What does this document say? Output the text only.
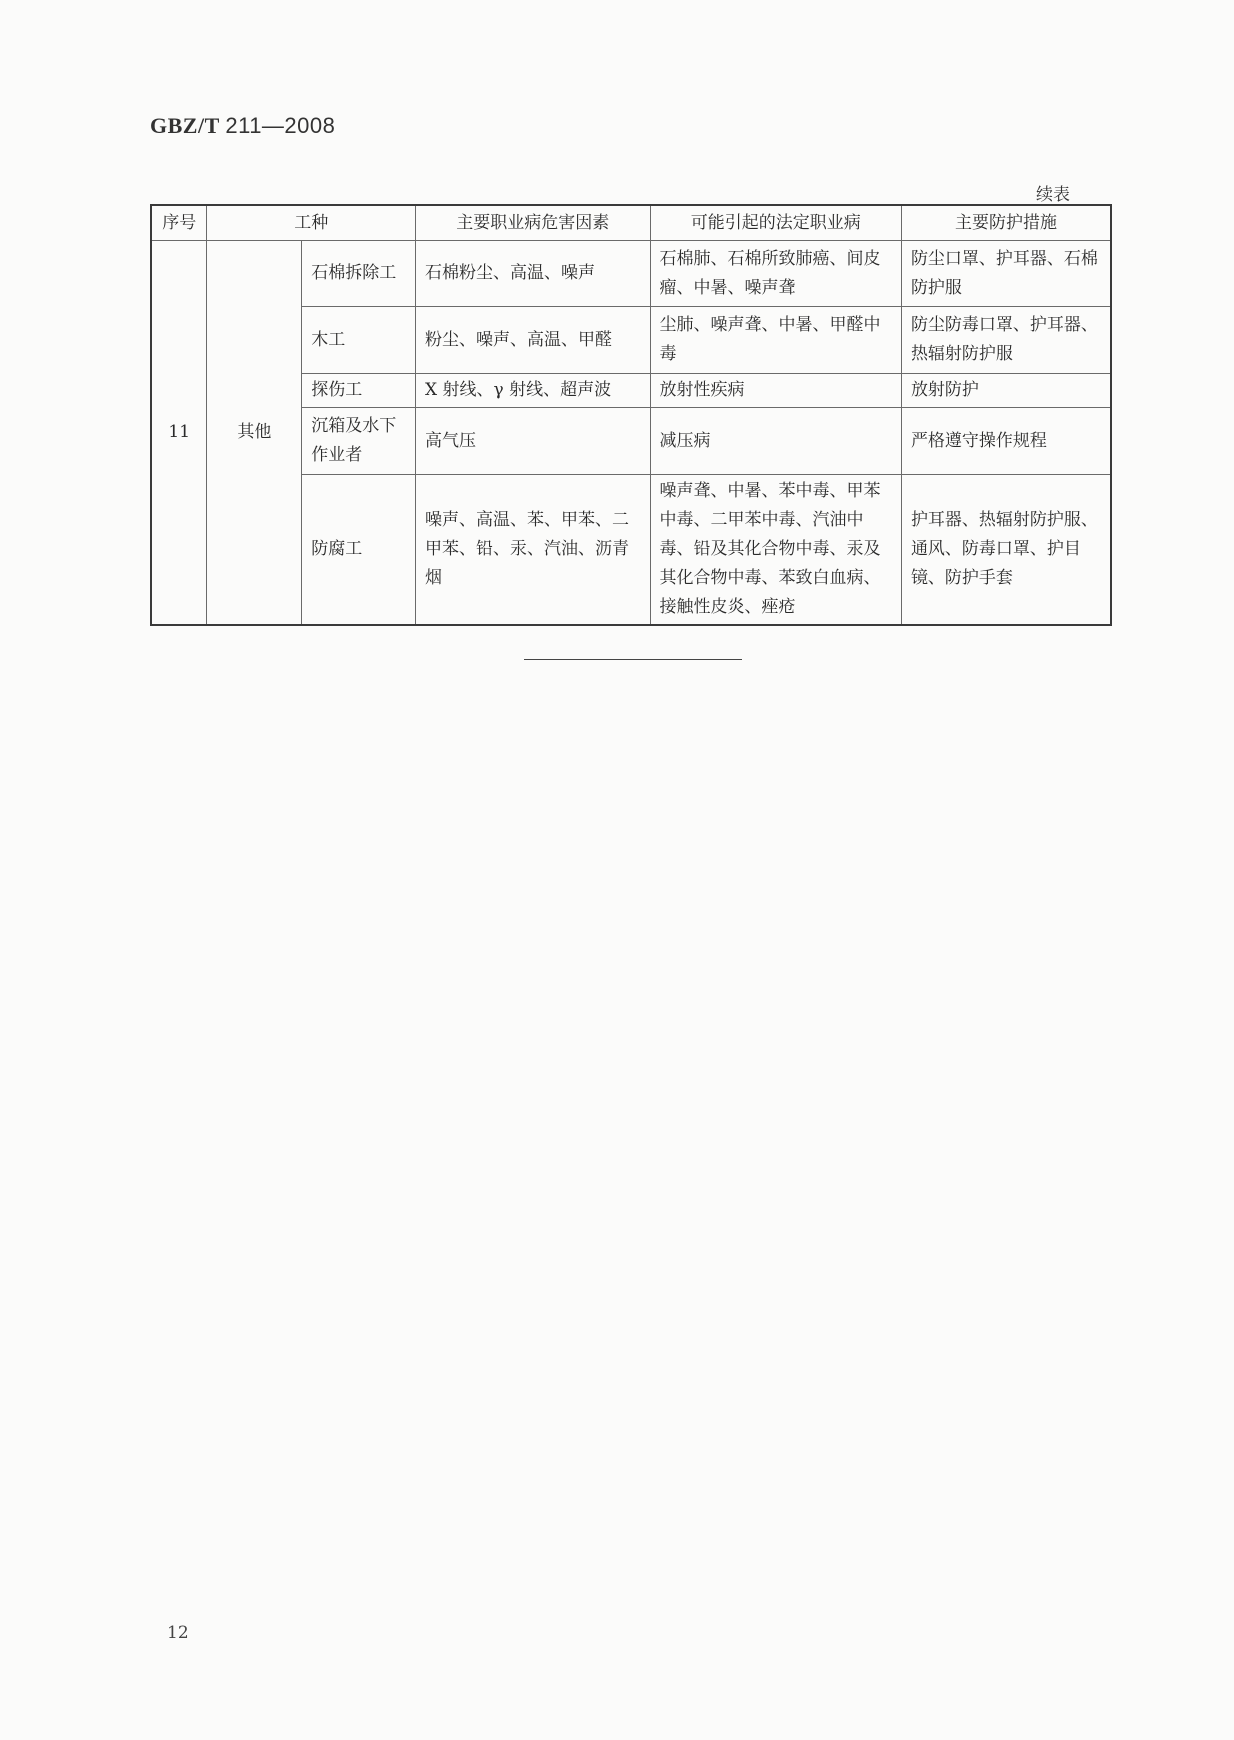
GBZ/T 211—2008
续表
序号	工种		主要职业病危害因素	可能引起的法定职业病	主要防护措施
11	其他	石棉拆除工	石棉粉尘、高温、噪声	石棉肺、石棉所致肺癌、间皮瘤、中暑、噪声聋	防尘口罩、护耳器、石棉防护服
		木工	粉尘、噪声、高温、甲醛	尘肺、噪声聋、中暑、甲醛中毒	防尘防毒口罩、护耳器、热辐射防护服
		探伤工	X 射线、γ 射线、超声波	放射性疾病	放射防护
		沉箱及水下作业者	高气压	减压病	严格遵守操作规程
		防腐工	噪声、高温、苯、甲苯、二甲苯、铅、汞、汽油、沥青烟	噪声聋、中暑、苯中毒、甲苯中毒、二甲苯中毒、汽油中毒、铅及其化合物中毒、汞及其化合物中毒、苯致白血病、接触性皮炎、痤疮	护耳器、热辐射防护服、通风、防毒口罩、护目镜、防护手套
12
